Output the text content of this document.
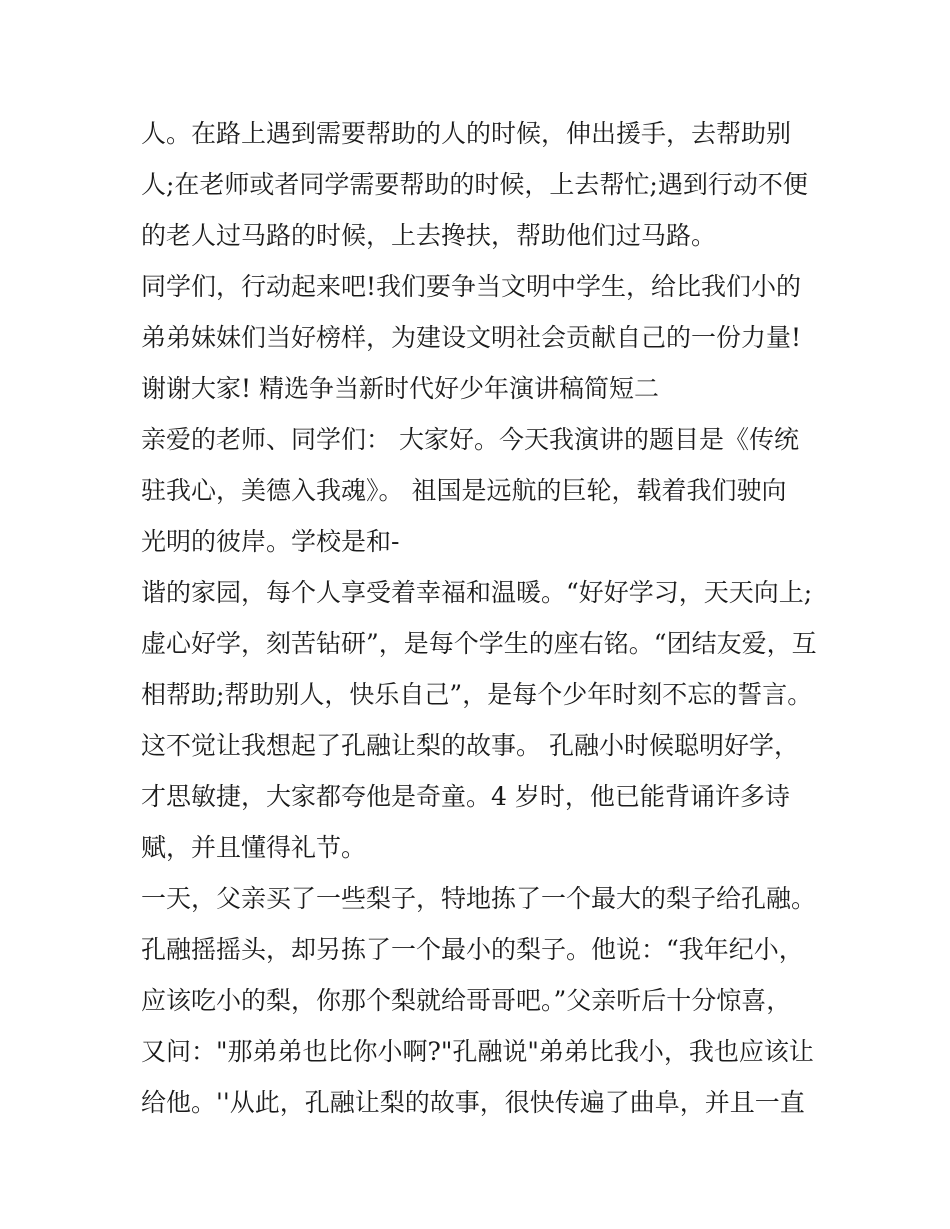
人。在路上遇到需要帮助的人的时候，伸出援手，去帮助别
人;在老师或者同学需要帮助的时候，上去帮忙;遇到行动不便
的老人过马路的时候，上去搀扶，帮助他们过马路。
同学们，行动起来吧!我们要争当文明中学生，给比我们小的
弟弟妹妹们当好榜样，为建设文明社会贡献自己的一份力量!
谢谢大家! 精选争当新时代好少年演讲稿简短二
亲爱的老师、同学们： 大家好。今天我演讲的题目是《传统
驻我心，美德入我魂》。 祖国是远航的巨轮，载着我们驶向
光明的彼岸。学校是和-
谐的家园，每个人享受着幸福和温暖。“好好学习，天天向上;
虚心好学，刻苦钻研”，是每个学生的座右铭。“团结友爱，互
相帮助;帮助别人，快乐自己”，是每个少年时刻不忘的誓言。
这不觉让我想起了孔融让梨的故事。 孔融小时候聪明好学，
才思敏捷，大家都夸他是奇童。4 岁时，他已能背诵许多诗
赋，并且懂得礼节。
一天，父亲买了一些梨子，特地拣了一个最大的梨子给孔融。
孔融摇摇头，却另拣了一个最小的梨子。他说：“我年纪小，
应该吃小的梨，你那个梨就给哥哥吧。”父亲听后十分惊喜，
又问："那弟弟也比你小啊?"孔融说"弟弟比我小，我也应该让
给他。''从此，孔融让梨的故事，很快传遍了曲阜，并且一直
